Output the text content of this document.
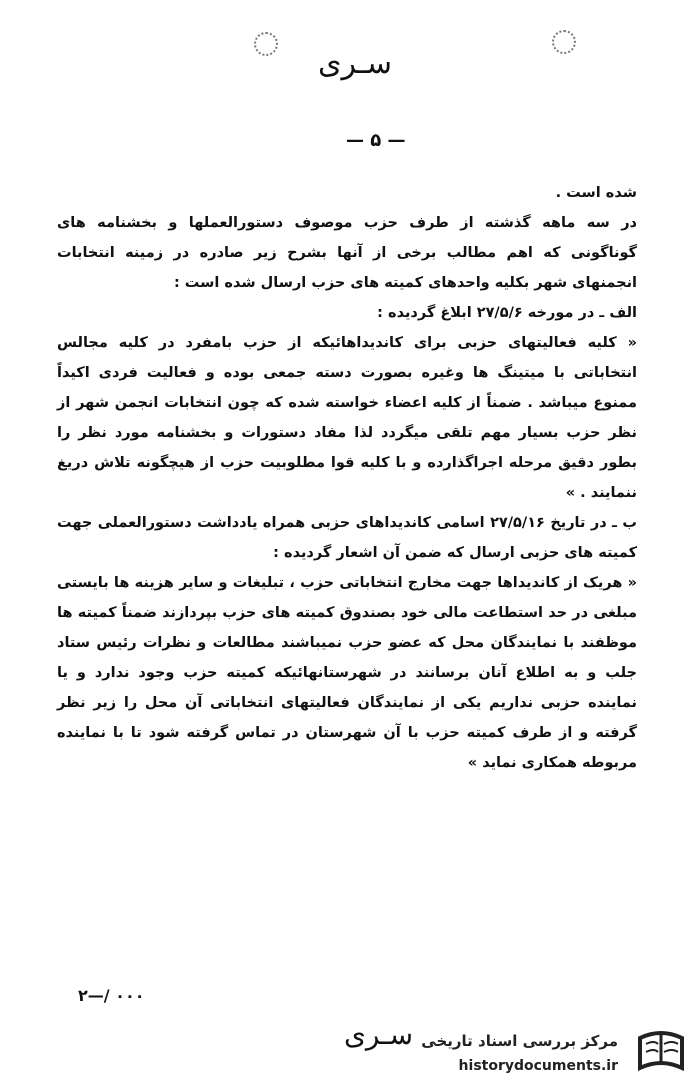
سـری
— ۵ —

شده است .

در سه ماهه گذشته از طرف حزب موصوف دستورالعملها و بخشنامه های گوناگونی که اهم مطالب برخی از آنها بشرح زیر صادره در زمینه انتخابات انجمنهای شهر بکلیه واحدهای کمیته های حزب ارسال شده است :

الف ـ در مورخه ۲۷/۵/۶ ابلاغ گردیده :

« کلیه فعالیتهای حزبی برای کاندیداهائیکه از حزب بامفرد در کلیه مجالس انتخاباتی با میتینگ ها وغیره بصورت دسته جمعی بوده و فعالیت فردی اکیداً ممنوع میباشد . ضمناً از کلیه اعضاء خواسته شده که چون انتخابات انجمن شهر از نظر حزب بسیار مهم تلقی میگردد لذا مفاد دستورات و بخشنامه مورد نظر را بطور دقیق مرحله اجراگذارده و با کلیه قوا مطلوبیت حزب از هیچگونه تلاش دریغ ننمایند . »

ب ـ در تاریخ ۲۷/۵/۱۶ اسامی کاندیداهای حزبی همراه یادداشت دستورالعملی جهت کمیته های حزبی ارسال که ضمن آن اشعار گردیده :

« هریک از کاندیداها جهت مخارج انتخاباتی حزب ، تبلیغات و سایر هزینه ها بایستی مبلغی در حد استطاعت مالی خود بصندوق کمیته های حزب بپردازند ضمناً کمیته ها موظفند با نمایندگان محل که عضو حزب نمیباشند مطالعات و نظرات رئیس ستاد جلب و به اطلاع آنان برسانند در شهرستانهائیکه کمیته حزب وجود ندارد و یا نماینده حزبی نداریم یکی از نمایندگان فعالیتهای انتخاباتی آن محل را زیر نظر گرفته و از طرف کمیته حزب با آن شهرستان در تماس گرفته شود تا با نماینده مربوطه همکاری نماید »

۲—/ ۰۰۰
سـری مرکز بررسی اسناد تاریخی
historydocuments.ir
